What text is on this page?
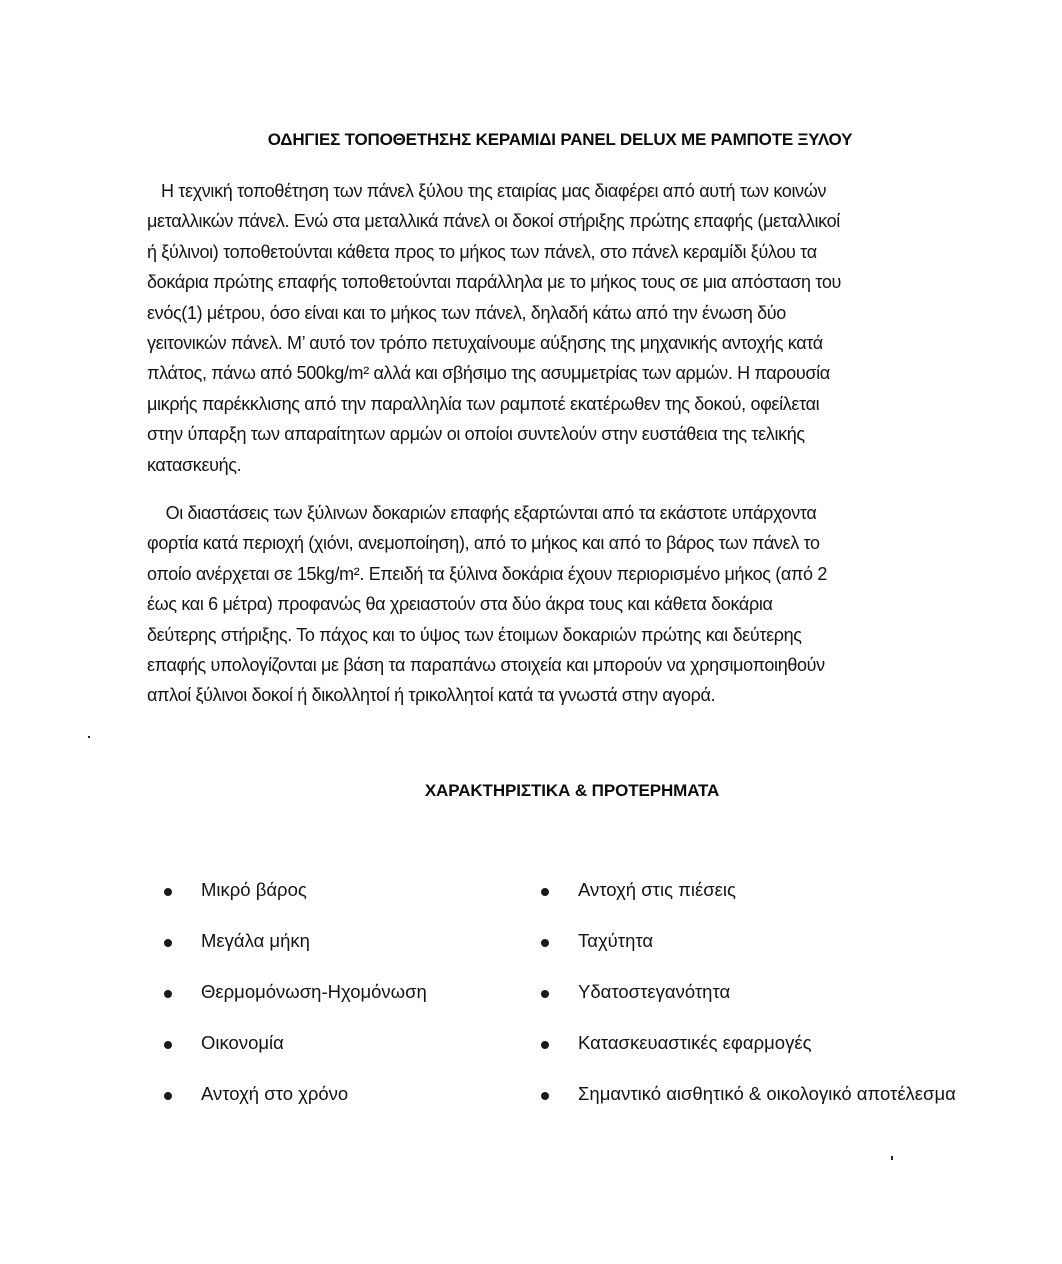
ΟΔΗΓΙΕΣ ΤΟΠΟΘΕΤΗΣΗΣ ΚΕΡΑΜΙΔΙ PANEL DELUX ΜΕ ΡΑΜΠΟΤΕ ΞΥΛΟΥ
Η τεχνική τοποθέτηση των πάνελ ξύλου της εταιρίας μας διαφέρει από αυτή των κοινών
μεταλλικών πάνελ. Ενώ στα μεταλλικά πάνελ οι δοκοί στήριξης πρώτης επαφής (μεταλλικοί
ή ξύλινοι) τοποθετούνται κάθετα προς το μήκος των πάνελ, στο πάνελ κεραμίδι ξύλου τα
δοκάρια πρώτης επαφής τοποθετούνται παράλληλα με το μήκος τους σε μια απόσταση του
ενός(1) μέτρου, όσο είναι και το μήκος των πάνελ, δηλαδή κάτω από την ένωση δύο
γειτονικών πάνελ. Μ’ αυτό τον τρόπο πετυχαίνουμε αύξησης της μηχανικής αντοχής κατά
πλάτος, πάνω από 500kg/m² αλλά και σβήσιμο της ασυμμετρίας των αρμών. Η παρουσία
μικρής παρέκκλισης από την παραλληλία των ραμποτέ εκατέρωθεν της δοκού, οφείλεται
στην ύπαρξη των απαραίτητων αρμών οι οποίοι συντελούν στην ευστάθεια της τελικής
κατασκευής.
Οι διαστάσεις των ξύλινων δοκαριών επαφής εξαρτώνται από τα εκάστοτε υπάρχοντα
φορτία κατά περιοχή (χιόνι, ανεμοποίηση), από το μήκος και από το βάρος των πάνελ το
οποίο ανέρχεται σε 15kg/m². Επειδή τα ξύλινα δοκάρια έχουν περιορισμένο μήκος (από 2
έως και 6 μέτρα) προφανώς θα χρειαστούν στα δύο άκρα τους και κάθετα δοκάρια
δεύτερης στήριξης. Το πάχος και το ύψος των έτοιμων δοκαριών πρώτης και δεύτερης
επαφής υπολογίζονται με βάση τα παραπάνω στοιχεία και μπορούν να χρησιμοποιηθούν
απλοί ξύλινοι δοκοί ή δικολλητοί ή τρικολλητοί κατά τα γνωστά στην αγορά.
ΧΑΡΑΚΤΗΡΙΣΤΙΚΑ & ΠΡΟΤΕΡΗΜΑΤΑ
Μικρό βάρος
Μεγάλα μήκη
Θερμομόνωση-Ηχομόνωση
Οικονομία
Αντοχή στο χρόνο
Αντοχή στις πιέσεις
Ταχύτητα
Υδατοστεγανότητα
Κατασκευαστικές εφαρμογές
Σημαντικό αισθητικό & οικολογικό αποτέλεσμα
